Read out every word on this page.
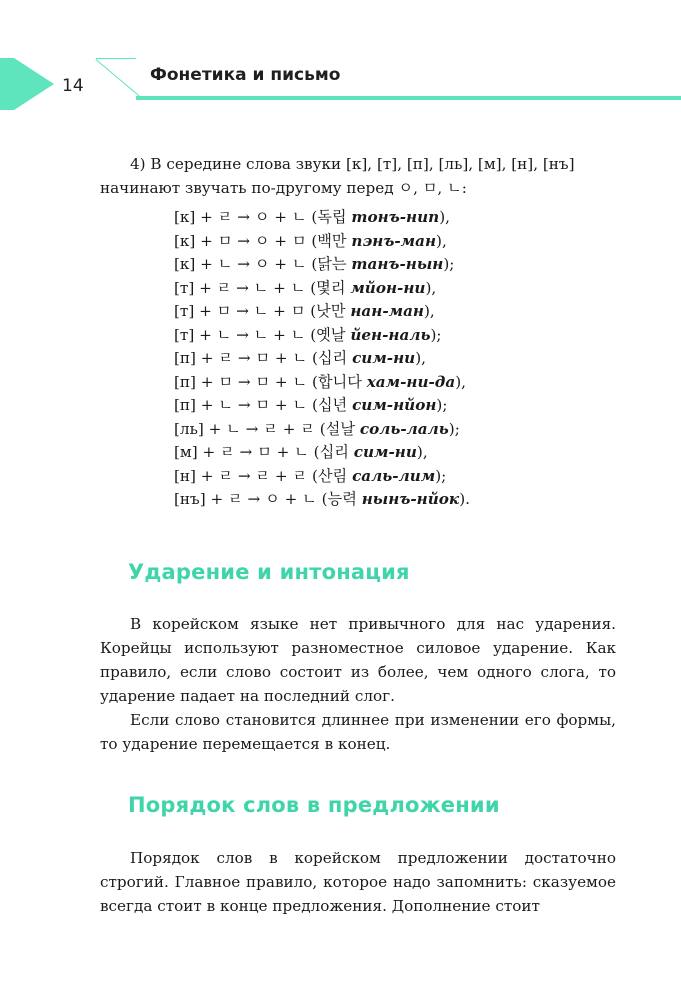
14
Фонетика и письмо

4) В середине слова звуки [к], [т], [п], [ль], [м], [н], [нъ] начинают звучать по-другому перед ㅇ, ㅁ, ㄴ:

[к] + ㄹ → ㅇ + ㄴ (독립 тонъ-нип),
[к] + ㅁ → ㅇ + ㅁ (백만 пэнъ-ман),
[к] + ㄴ → ㅇ + ㄴ (닭는 танъ-нын);
[т] + ㄹ → ㄴ + ㄴ (몇리 мйон-ни),
[т] + ㅁ → ㄴ + ㅁ (낫만 нан-ман),
[т] + ㄴ → ㄴ + ㄴ (옛날 йен-наль);
[п] + ㄹ → ㅁ + ㄴ (십리 сим-ни),
[п] + ㅁ → ㅁ + ㄴ (합니다 хам-ни-да),
[п] + ㄴ → ㅁ + ㄴ (십년 сим-нйон);
[ль] + ㄴ → ㄹ + ㄹ (설날 соль-лаль);
[м] + ㄹ → ㅁ + ㄴ (십리 сим-ни),
[н] + ㄹ → ㄹ + ㄹ (산림 саль-лим);
[нъ] + ㄹ → ㅇ + ㄴ (능력 нынъ-нйок).
Ударение и интонация

В корейском языке нет привычного для нас ударения. Корейцы используют разноместное силовое ударение. Как правило, если слово состоит из более, чем одного слога, то ударение падает на последний слог.

Если слово становится длиннее при изменении его формы, то ударение перемещается в конец.

Порядок слов в предложении

Порядок слов в корейском предложении достаточно строгий. Главное правило, которое надо запомнить: сказуемое всегда стоит в конце предложения. Дополнение стоит
